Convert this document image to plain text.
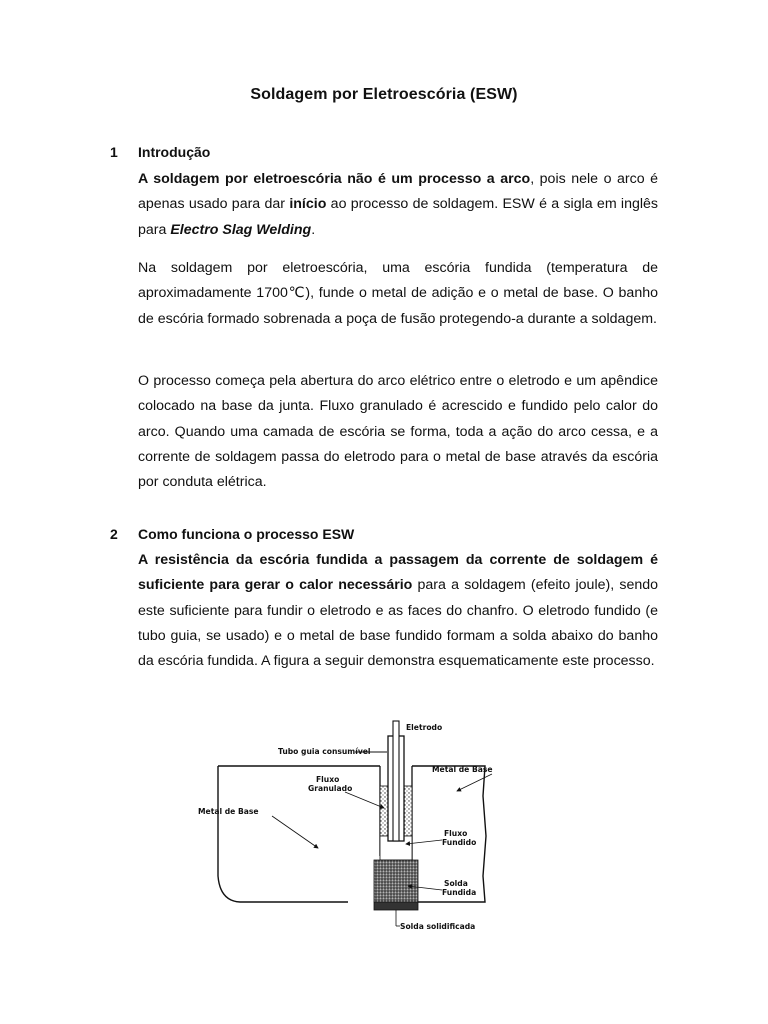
Soldagem por Eletroescória (ESW)
1 Introdução

A soldagem por eletroescória não é um processo a arco, pois nele o arco é apenas usado para dar início ao processo de soldagem. ESW é a sigla em inglês para Electro Slag Welding.

Na soldagem por eletroescória, uma escória fundida (temperatura de aproximadamente 1700℃), funde o metal de adição e o metal de base. O banho de escória formado sobrenada a poça de fusão protegendo-a durante a soldagem.

O processo começa pela abertura do arco elétrico entre o eletrodo e um apêndice colocado na base da junta. Fluxo granulado é acrescido e fundido pelo calor do arco. Quando uma camada de escória se forma, toda a ação do arco cessa, e a corrente de soldagem passa do eletrodo para o metal de base através da escória por conduta elétrica.

2 Como funciona o processo ESW

A resistência da escória fundida a passagem da corrente de soldagem é suficiente para gerar o calor necessário para a soldagem (efeito joule), sendo este suficiente para fundir o eletrodo e as faces do chanfro. O eletrodo fundido (e tubo guia, se usado) e o metal de base fundido formam a solda abaixo do banho da escória fundida. A figura a seguir demonstra esquematicamente este processo.

Eletrodo
Tubo guia consumível
Metal de Base
Fluxo
Granulado
Metal de Base
Fluxo
Fundido
Solda
Fundida
Solda solidificada
